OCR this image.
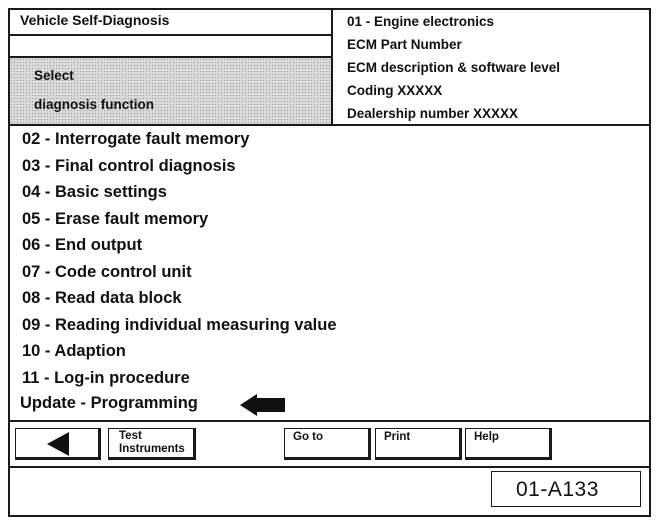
Vehicle Self-Diagnosis
Select
diagnosis function
01 - Engine electronics
ECM Part Number
ECM description & software level
Coding XXXXX
Dealership number XXXXX
02 - Interrogate fault memory
03 - Final control diagnosis
04 - Basic settings
05 - Erase fault memory
06 - End output
07 - Code control unit
08 - Read data block
09 - Reading individual measuring value
10 - Adaption
11 - Log-in procedure
Update - Programming
Test
Instruments
Go to	Print	Help
01-A133
